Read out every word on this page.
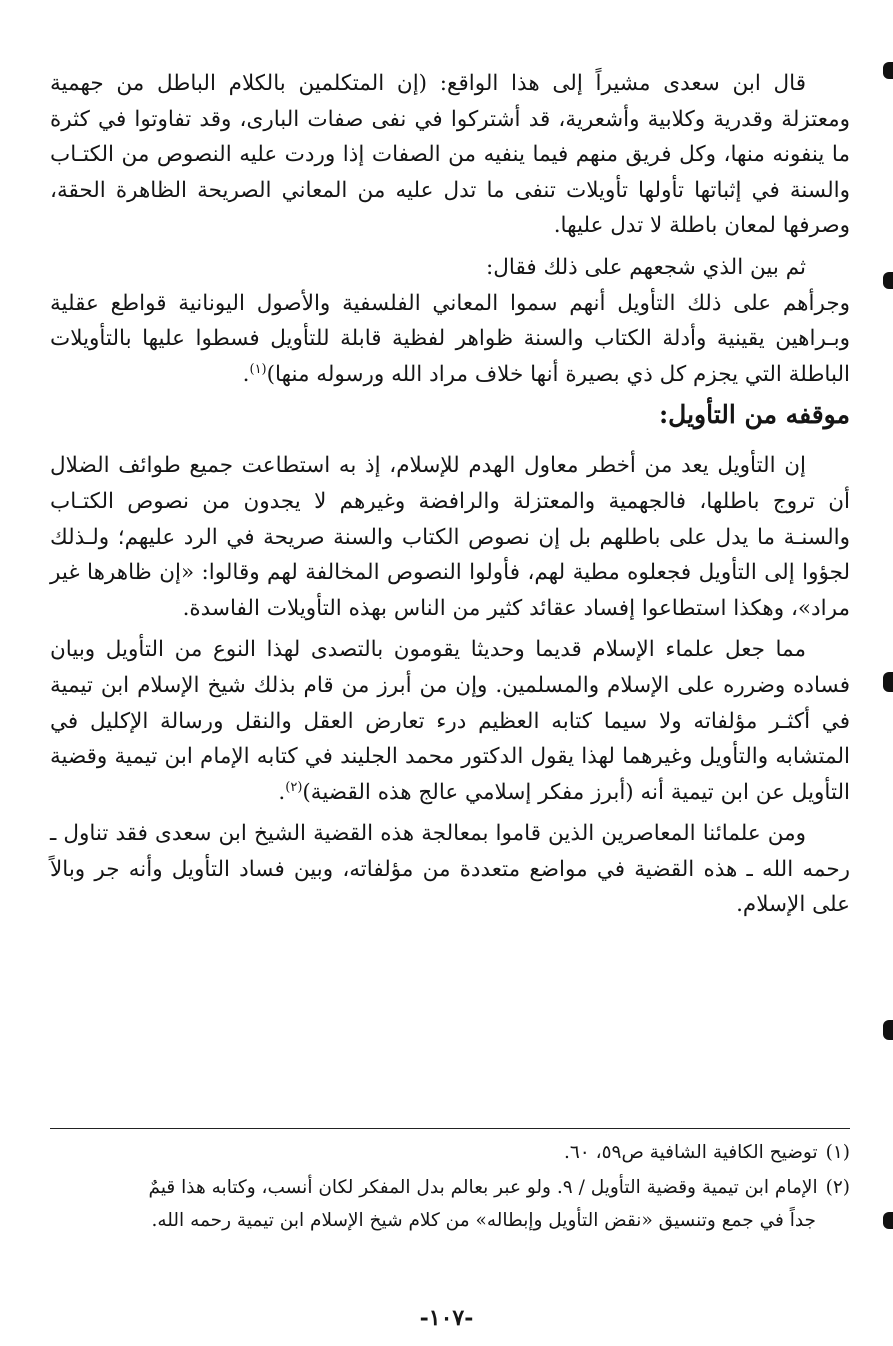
قال ابن سعدى مشيراً إلى هذا الواقع: (إن المتكلمين بالكلام الباطل من جهمية ومعتزلة وقدرية وكلابية وأشعرية، قد أشتركوا في نفى صفات البارى، وقد تفاوتوا في كثرة ما ينفونه منها، وكل فريق منهم فيما ينفيه من الصفات إذا وردت عليه النصوص من الكتـاب والسنة في إثباتها تأولها تأويلات تنفى ما تدل عليه من المعاني الصريحة الظاهرة الحقة، وصرفها لمعان باطلة لا تدل عليها.

ثم بين الذي شجعهم على ذلك فقال:

وجرأهم على ذلك التأويل أنهم سموا المعاني الفلسفية والأصول اليونانية قواطع عقلية وبـراهين يقينية وأدلة الكتاب والسنة ظواهر لفظية قابلة للتأويل فسطوا عليها بالتأويلات الباطلة التي يجزم كل ذي بصيرة أنها خلاف مراد الله ورسوله منها)$^{(١)}$.

موقفه من التأويل:

إن التأويل يعد من أخطر معاول الهدم للإسلام، إذ به استطاعت جميع طوائف الضلال أن تروج باطلها، فالجهمية والمعتزلة والرافضة وغيرهم لا يجدون من نصوص الكتـاب والسنـة ما يدل على باطلهم بل إن نصوص الكتاب والسنة صريحة في الرد عليهم؛ ولـذلك لجؤوا إلى التأويل فجعلوه مطية لهم، فأولوا النصوص المخالفة لهم وقالوا: «إن ظاهرها غير مراد»، وهكذا استطاعوا إفساد عقائد كثير من الناس بهذه التأويلات الفاسدة.

مما جعل علماء الإسلام قديما وحديثا يقومون بالتصدى لهذا النوع من التأويل وبيان فساده وضرره على الإسلام والمسلمين. وإن من أبرز من قام بذلك شيخ الإسلام ابن تيمية في أكثـر مؤلفاته ولا سيما كتابه العظيم درء تعارض العقل والنقل ورسالة الإكليل في المتشابه والتأويل وغيرهما لهذا يقول الدكتور محمد الجليند في كتابه الإمام ابن تيمية وقضية التأويل عن ابن تيمية أنه (أبرز مفكر إسلامي عالج هذه القضية)$^{(٢)}$.

ومن علمائنا المعاصرين الذين قاموا بمعالجة هذه القضية الشيخ ابن سعدى فقد تناول ـ رحمه الله ـ هذه القضية في مواضع متعددة من مؤلفاته، وبين فساد التأويل وأنه جر وبالاً على الإسلام.

(١)توضيح الكافية الشافية ص٥٩، ٦٠.

(٢)الإمام ابن تيمية وقضية التأويل / ٩. ولو عبر بعالم بدل المفكر لكان أنسب، وكتابه هذا قيمٌ
جداً في جمع وتنسيق «نقض التأويل وإبطاله» من كلام شيخ الإسلام ابن تيمية رحمه الله.

-١٠٧-
